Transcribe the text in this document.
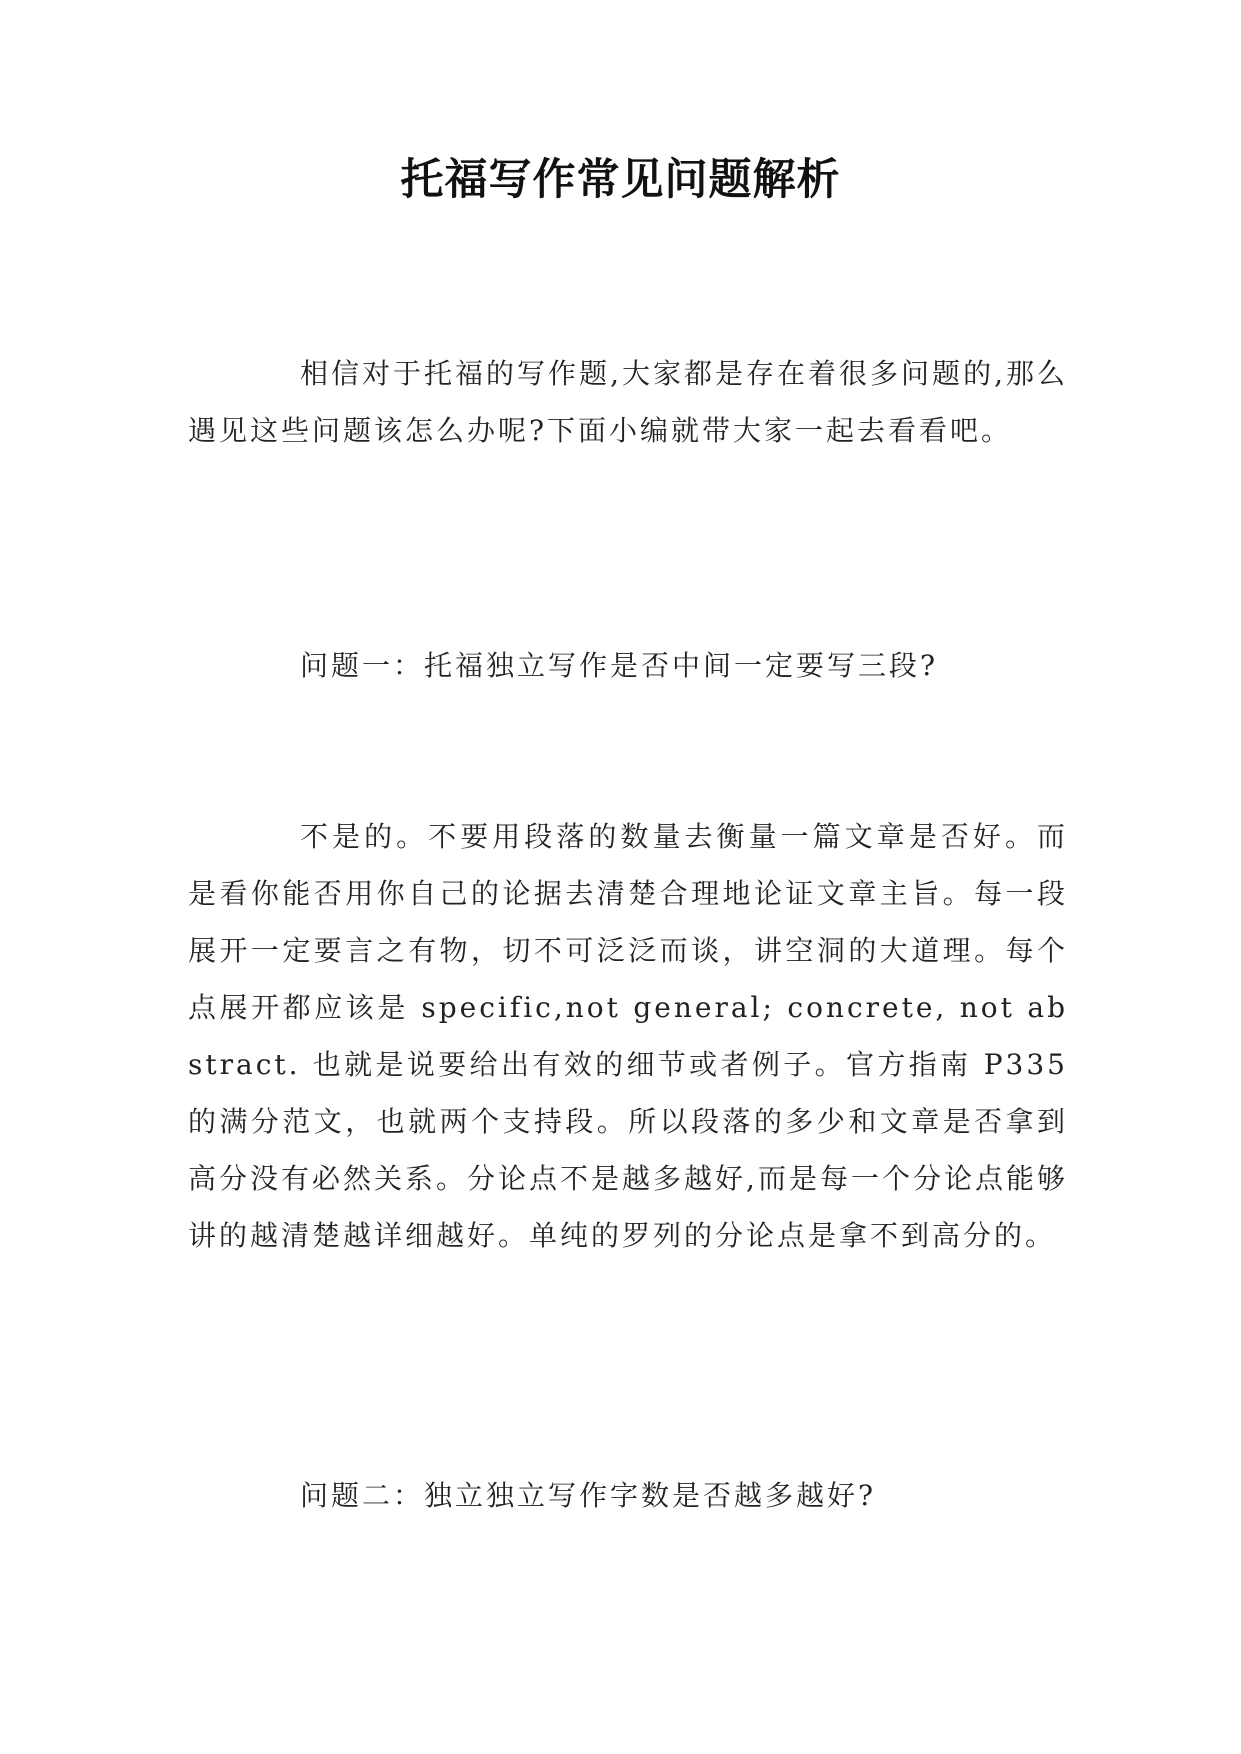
托福写作常见问题解析

相信对于托福的写作题,大家都是存在着很多问题的,那么遇见这些问题该怎么办呢?下面小编就带大家一起去看看吧。

问题一：托福独立写作是否中间一定要写三段?

不是的。不要用段落的数量去衡量一篇文章是否好。而是看你能否用你自己的论据去清楚合理地论证文章主旨。每一段展开一定要言之有物，切不可泛泛而谈，讲空洞的大道理。每个点展开都应该是 specific,not general; concrete, not abstract. 也就是说要给出有效的细节或者例子。官方指南 P335 的满分范文，也就两个支持段。所以段落的多少和文章是否拿到高分没有必然关系。分论点不是越多越好,而是每一个分论点能够讲的越清楚越详细越好。单纯的罗列的分论点是拿不到高分的。

问题二：独立独立写作字数是否越多越好?
